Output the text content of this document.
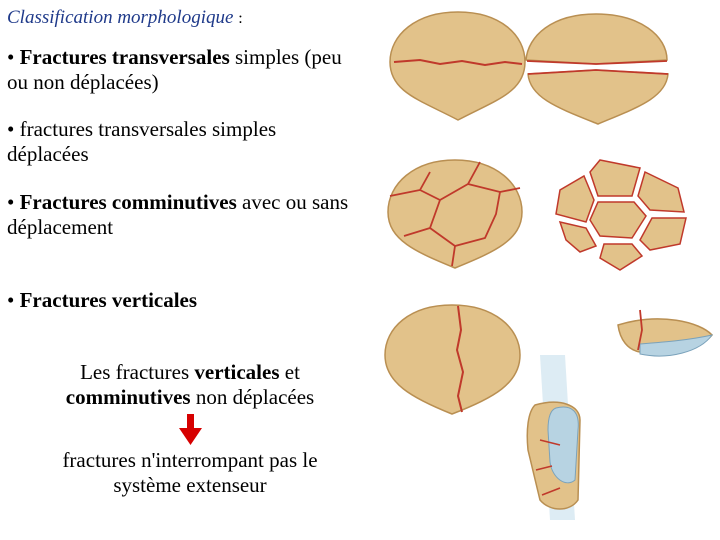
Classification morphologique :
• Fractures transversales simples (peu ou non déplacées)
• fractures transversales simples déplacées
• Fractures comminutives avec ou sans déplacement
• Fractures verticales
Les fractures verticales et comminutives non déplacées
fractures n'interrompant pas le système extenseur
